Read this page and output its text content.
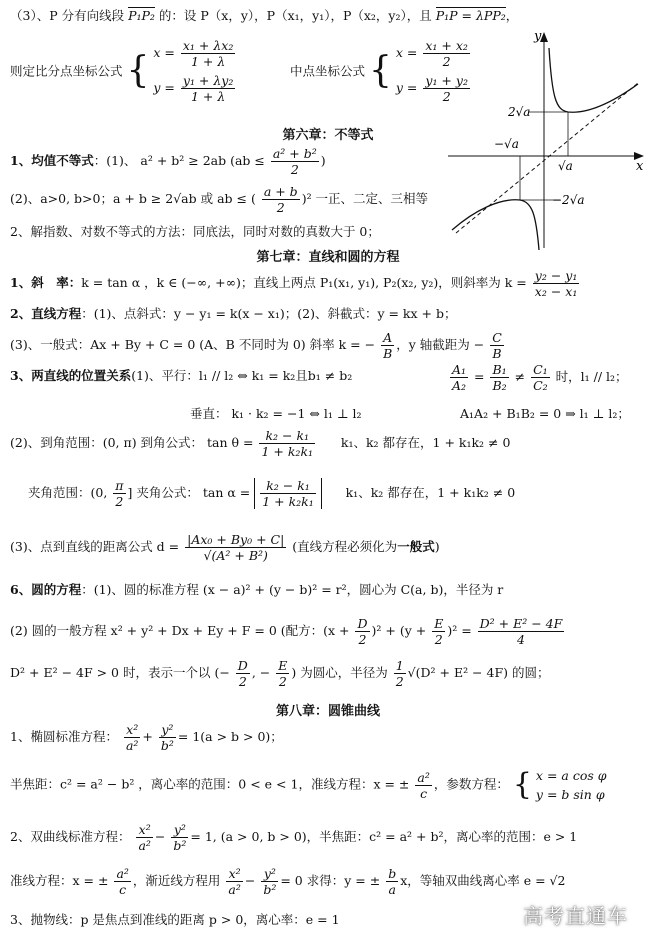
（3）、P 分有向线段 P₁P₂ 的：设 P（x，y），P（x₁，y₁），P（x₂，y₂），且 P₁P = λPP₂，
则定比分点坐标公式 { $x = \frac{\text{x₁ + λx₂}}{1 + \lambda}$
$y = \frac{\text{y₁ + λy₂}}{1 + \lambda}$
中点坐标公式 { $x = \frac{\text{x₁ + x₂}}{2}$
$y = \frac{\text{y₁ + y₂}}{2}$
y
x
2√a
−√a
√a
−2√a
第六章：不等式
1、均值不等式：(1)、 a² + b² ≥ 2ab ($ab \le \frac{\text{a² + b²}}{2}$ )
(2)、a>0, b>0；a + b ≥ 2√ab 或 ab ≤ ( $\frac{a + b}{2} )^2$ 一正、二定、三相等
2、解指数、对数不等式的方法：同底法，同时对数的真数大于 0；
第七章：直线和圆的方程
1、斜　率：k = tan α ，k ∈ (−∞, +∞)；直线上两点 P₁(x₁, y₁), P₂(x₂, y₂)，则斜率为 $k = \frac{\text{y₂ − y₁}}{\text{x₂ − x₁}}$
2、直线方程：(1)、点斜式：y − y₁ = k(x − x₁)；(2)、斜截式：y = kx + b；
(3)、一般式：Ax + By + C = 0 (A、B 不同时为 0) 斜率 k = − $\frac{A}{B}$ ，y 轴截距为 − $\frac{C}{B}$
3、两直线的位置关系(1)、平行：l₁ // l₂ ⇔ k₁ = k₂且b₁ ≠ b₂	$\frac{\text{A₁}}{\text{A₂}} = \frac{\text{B₁}}{\text{B₂}} \ne \frac{\text{C₁}}{\text{C₂}}$ 时，l₁ // l₂；
垂直： k₁ · k₂ = −1 ⇔ l₁ ⊥ l₂	A₁A₂ + B₁B₂ = 0 ⇒ l₁ ⊥ l₂；
(2)、到角范围：(0, π) 到角公式： $\tan \theta = \frac{\text{k₂ − k₁}}{\text{1 + k₂k₁}} k_1$、k₂ 都存在，1 + k₁k₂ ≠ 0
夹角范围：(0, $\frac{\pi}{2}$ ] 夹角公式： $\tan \alpha = \frac{\text{k₂ − k₁}}{\text{1 + k₂k₁}} k_1$、k₂ 都存在，1 + k₁k₂ ≠ 0
(3)、点到直线的距离公式 $d = \frac{\text{|Ax₀ + By₀ + C|}}{\text{√(A² + B²)}}$ (直线方程必须化为一般式)
6、圆的方程：(1)、圆的标准方程 (x − a)² + (y − b)² = r²，圆心为 C(a, b)，半径为 r
(2) 圆的一般方程 x² + y² + Dx + Ey + F = 0 (配方：$(x + \frac{D}{2} )^2 + (y + \frac{E}{2} )^2 = \frac{\text{D² + E² − 4F}}{4}$
D² + E² − 4F > 0 时，表示一个以 (− $\frac{D}{2}$ , − $\frac{E}{2}$ ) 为圆心，半径为 $\frac{1}{2} √(D^2 + E^2 - 4F)$ 的圆；
第八章：圆锥曲线
1、椭圆标准方程： $\frac{\text{x²}}{\text{a²}} + \frac{\text{y²}}{\text{b²}} = 1(a > b > 0)$；
半焦距：c² = a² − b² ，离心率的范围：0 < e < 1，准线方程：x = ± $\frac{\text{a²}}{c}$ ，参数方程： { x = a cos φ
y = b sin φ
2、双曲线标准方程： $\frac{\text{x²}}{\text{a²}} - \frac{\text{y²}}{\text{b²}} = 1$, (a > 0, b > 0)，半焦距：c² = a² + b²，离心率的范围：e > 1
准线方程：x = ± $\frac{\text{a²}}{c}$ ，渐近线方程用 $\frac{\text{x²}}{\text{a²}} - \frac{\text{y²}}{\text{b²}} = 0$ 求得：y = ± $\frac{b}{a}$ x，等轴双曲线离心率 e = √2
3、抛物线：p 是焦点到准线的距离 p > 0，离心率：e = 1	高考直通车
